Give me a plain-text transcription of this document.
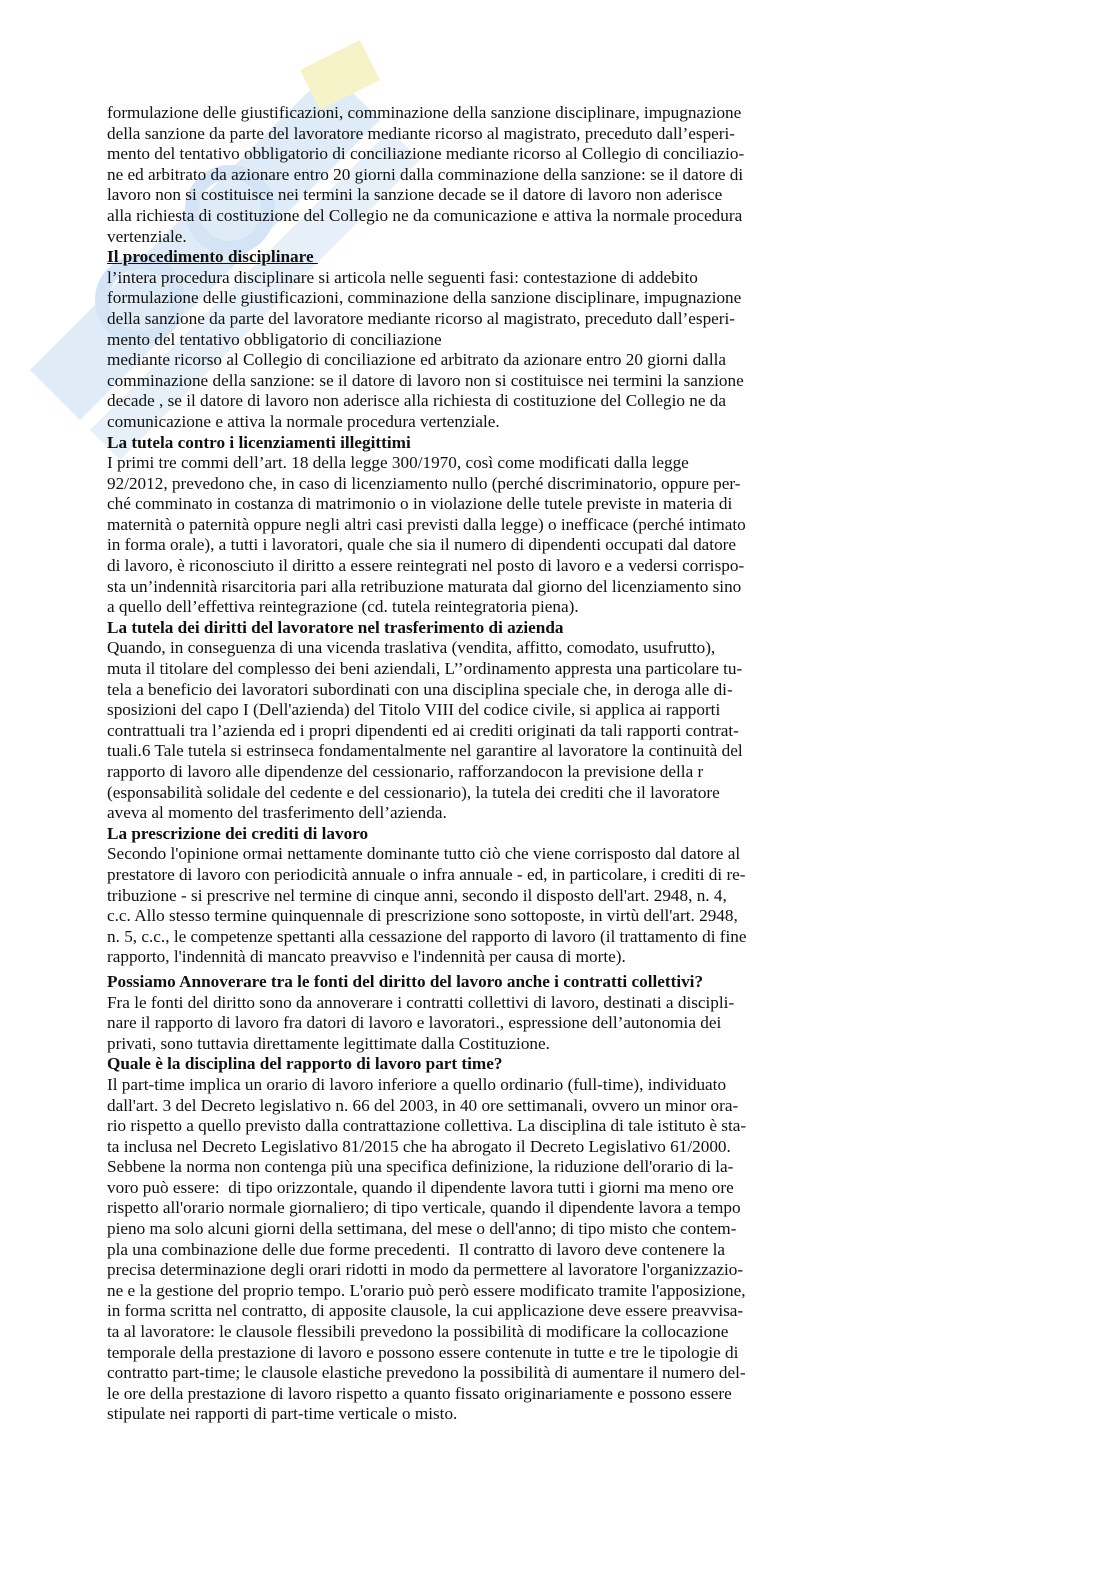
formulazione delle giustificazioni, comminazione della sanzione disciplinare, impugnazione
della sanzione da parte del lavoratore mediante ricorso al magistrato, preceduto dall’esperi-
mento del tentativo obbligatorio di conciliazione mediante ricorso al Collegio di conciliazio-
ne ed arbitrato da azionare entro 20 giorni dalla comminazione della sanzione: se il datore di
lavoro non si costituisce nei termini la sanzione decade se il datore di lavoro non aderisce
alla richiesta di costituzione del Collegio ne da comunicazione e attiva la normale procedura
vertenziale.
Il procedimento disciplinare
l’intera procedura disciplinare si articola nelle seguenti fasi: contestazione di addebito
formulazione delle giustificazioni, comminazione della sanzione disciplinare, impugnazione
della sanzione da parte del lavoratore mediante ricorso al magistrato, preceduto dall’esperi-
mento del tentativo obbligatorio di conciliazione
mediante ricorso al Collegio di conciliazione ed arbitrato da azionare entro 20 giorni dalla
comminazione della sanzione: se il datore di lavoro non si costituisce nei termini la sanzione
decade , se il datore di lavoro non aderisce alla richiesta di costituzione del Collegio ne da
comunicazione e attiva la normale procedura vertenziale.
La tutela contro i licenziamenti illegittimi
I primi tre commi dell’art. 18 della legge 300/1970, così come modificati dalla legge
92/2012, prevedono che, in caso di licenziamento nullo (perché discriminatorio, oppure per-
ché comminato in costanza di matrimonio o in violazione delle tutele previste in materia di
maternità o paternità oppure negli altri casi previsti dalla legge) o inefficace (perché intimato
in forma orale), a tutti i lavoratori, quale che sia il numero di dipendenti occupati dal datore
di lavoro, è riconosciuto il diritto a essere reintegrati nel posto di lavoro e a vedersi corrispo-
sta un’indennità risarcitoria pari alla retribuzione maturata dal giorno del licenziamento sino
a quello dell’effettiva reintegrazione (cd. tutela reintegratoria piena).
La tutela dei diritti del lavoratore nel trasferimento di azienda
Quando, in conseguenza di una vicenda traslativa (vendita, affitto, comodato, usufrutto),
muta il titolare del complesso dei beni aziendali, L’’ordinamento appresta una particolare tu-
tela a beneficio dei lavoratori subordinati con una disciplina speciale che, in deroga alle di-
sposizioni del capo I (Dell'azienda) del Titolo VIII del codice civile, si applica ai rapporti
contrattuali tra l’azienda ed i propri dipendenti ed ai crediti originati da tali rapporti contrat-
tuali.6 Tale tutela si estrinseca fondamentalmente nel garantire al lavoratore la continuità del
rapporto di lavoro alle dipendenze del cessionario, rafforzandocon la previsione della r
(esponsabilità solidale del cedente e del cessionario), la tutela dei crediti che il lavoratore
aveva al momento del trasferimento dell’azienda.
La prescrizione dei crediti di lavoro
Secondo l'opinione ormai nettamente dominante tutto ciò che viene corrisposto dal datore al
prestatore di lavoro con periodicità annuale o infra annuale - ed, in particolare, i crediti di re-
tribuzione - si prescrive nel termine di cinque anni, secondo il disposto dell'art. 2948, n. 4,
c.c. Allo stesso termine quinquennale di prescrizione sono sottoposte, in virtù dell'art. 2948,
n. 5, c.c., le competenze spettanti alla cessazione del rapporto di lavoro (il trattamento di fine
rapporto, l'indennità di mancato preavviso e l'indennità per causa di morte).
Possiamo Annoverare tra le fonti del diritto del lavoro anche i contratti collettivi?
Fra le fonti del diritto sono da annoverare i contratti collettivi di lavoro, destinati a discipli-
nare il rapporto di lavoro fra datori di lavoro e lavoratori., espressione dell’autonomia dei
privati, sono tuttavia direttamente legittimate dalla Costituzione.
Quale è la disciplina del rapporto di lavoro part time?
Il part-time implica un orario di lavoro inferiore a quello ordinario (full-time), individuato
dall'art. 3 del Decreto legislativo n. 66 del 2003, in 40 ore settimanali, ovvero un minor ora-
rio rispetto a quello previsto dalla contrattazione collettiva. La disciplina di tale istituto è sta-
ta inclusa nel Decreto Legislativo 81/2015 che ha abrogato il Decreto Legislativo 61/2000.
Sebbene la norma non contenga più una specifica definizione, la riduzione dell'orario di la-
voro può essere:  di tipo orizzontale, quando il dipendente lavora tutti i giorni ma meno ore
rispetto all'orario normale giornaliero; di tipo verticale, quando il dipendente lavora a tempo
pieno ma solo alcuni giorni della settimana, del mese o dell'anno; di tipo misto che contem-
pla una combinazione delle due forme precedenti.  Il contratto di lavoro deve contenere la
precisa determinazione degli orari ridotti in modo da permettere al lavoratore l'organizzazio-
ne e la gestione del proprio tempo. L'orario può però essere modificato tramite l'apposizione,
in forma scritta nel contratto, di apposite clausole, la cui applicazione deve essere preavvisa-
ta al lavoratore: le clausole flessibili prevedono la possibilità di modificare la collocazione
temporale della prestazione di lavoro e possono essere contenute in tutte e tre le tipologie di
contratto part-time; le clausole elastiche prevedono la possibilità di aumentare il numero del-
le ore della prestazione di lavoro rispetto a quanto fissato originariamente e possono essere
stipulate nei rapporti di part-time verticale o misto.
